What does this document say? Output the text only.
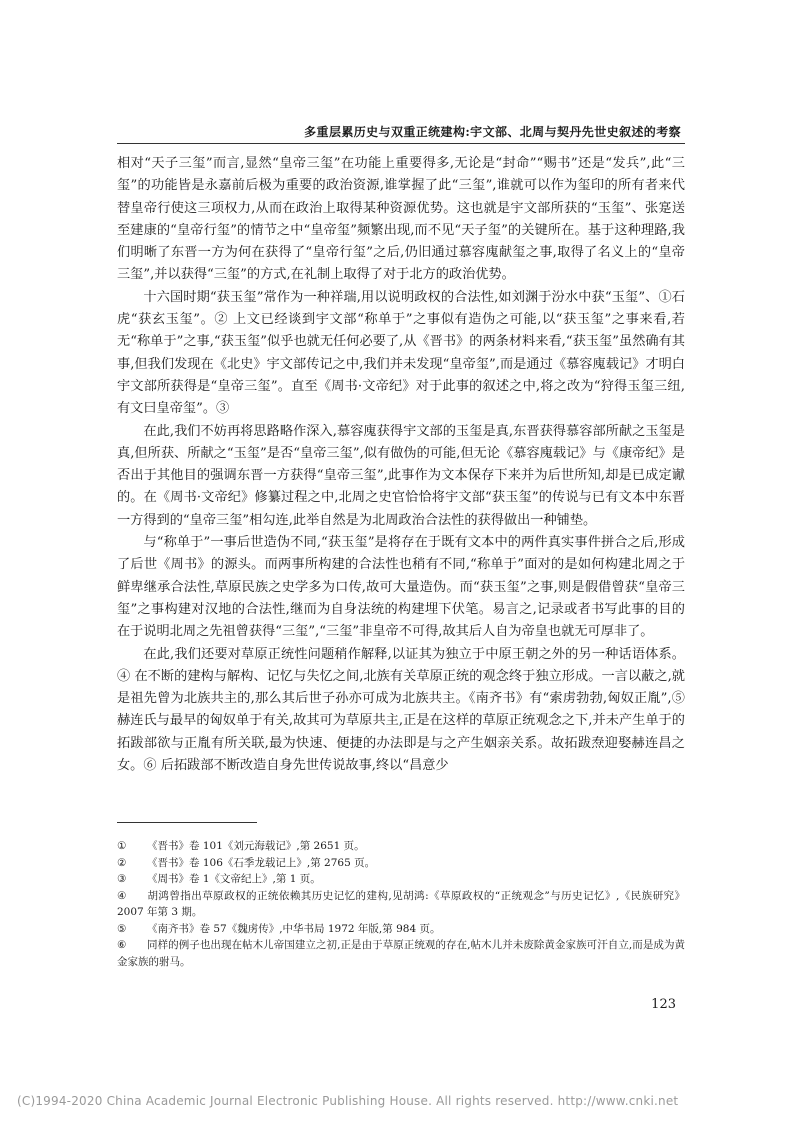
多重层累历史与双重正统建构:宇文部、北周与契丹先世史叙述的考察

相对“天子三玺”而言,显然“皇帝三玺”在功能上重要得多,无论是“封命”“赐书”还是“发兵”,此“三玺”的功能皆是永嘉前后极为重要的政治资源,谁掌握了此“三玺”,谁就可以作为玺印的所有者来代替皇帝行使这三项权力,从而在政治上取得某种资源优势。这也就是宇文部所获的“玉玺”、张寔送至建康的“皇帝行玺”的情节之中“皇帝玺”频繁出现,而不见“天子玺”的关键所在。基于这种理路,我们明晰了东晋一方为何在获得了“皇帝行玺”之后,仍旧通过慕容廆献玺之事,取得了名义上的“皇帝三玺”,并以获得“三玺”的方式,在礼制上取得了对于北方的政治优势。

十六国时期“获玉玺”常作为一种祥瑞,用以说明政权的合法性,如刘渊于汾水中获“玉玺”、①石虎“获玄玉玺”。② 上文已经谈到宇文部“称单于”之事似有造伪之可能,以“获玉玺”之事来看,若无“称单于”之事,“获玉玺”似乎也就无任何必要了,从《晋书》的两条材料来看,“获玉玺”虽然确有其事,但我们发现在《北史》宇文部传记之中,我们并未发现“皇帝玺”,而是通过《慕容廆载记》才明白宇文部所获得是“皇帝三玺”。直至《周书·文帝纪》对于此事的叙述之中,将之改为“狩得玉玺三纽,有文曰皇帝玺”。③

在此,我们不妨再将思路略作深入,慕容廆获得宇文部的玉玺是真,东晋获得慕容部所献之玉玺是真,但所获、所献之“玉玺”是否“皇帝三玺”,似有做伪的可能,但无论《慕容廆载记》与《康帝纪》是否出于其他目的强调东晋一方获得“皇帝三玺”,此事作为文本保存下来并为后世所知,却是已成定谳的。在《周书·文帝纪》修纂过程之中,北周之史官恰恰将宇文部“获玉玺”的传说与已有文本中东晋一方得到的“皇帝三玺”相勾连,此举自然是为北周政治合法性的获得做出一种铺垫。

与“称单于”一事后世造伪不同,“获玉玺”是将存在于既有文本中的两件真实事件拼合之后,形成了后世《周书》的源头。而两事所构建的合法性也稍有不同,“称单于”面对的是如何构建北周之于鲜卑继承合法性,草原民族之史学多为口传,故可大量造伪。而“获玉玺”之事,则是假借曾获“皇帝三玺”之事构建对汉地的合法性,继而为自身法统的构建埋下伏笔。易言之,记录或者书写此事的目的在于说明北周之先祖曾获得“三玺”,“三玺”非皇帝不可得,故其后人自为帝皇也就无可厚非了。

在此,我们还要对草原正统性问题稍作解释,以证其为独立于中原王朝之外的另一种话语体系。④ 在不断的建构与解构、记忆与失忆之间,北族有关草原正统的观念终于独立形成。一言以蔽之,就是祖先曾为北族共主的,那么其后世子孙亦可成为北族共主。《南齐书》有“索虏勃勃,匈奴正胤”,⑤赫连氏与最早的匈奴单于有关,故其可为草原共主,正是在这样的草原正统观念之下,并未产生单于的拓跋部欲与正胤有所关联,最为快速、便捷的办法即是与之产生姻亲关系。故拓跋焘迎娶赫连昌之女。⑥ 后拓跋部不断改造自身先世传说故事,终以“昌意少

① 《晋书》卷 101《刘元海载记》,第 2651 页。

② 《晋书》卷 106《石季龙载记上》,第 2765 页。

③ 《周书》卷 1《文帝纪上》,第 1 页。

④ 胡鸿曾指出草原政权的正统依赖其历史记忆的建构,见胡鸿:《草原政权的“正统观念”与历史记忆》,《民族研究》2007 年第 3 期。

⑤ 《南齐书》卷 57《魏虏传》,中华书局 1972 年版,第 984 页。

⑥ 同样的例子也出现在帖木儿帝国建立之初,正是由于草原正统观的存在,帖木儿并未废除黄金家族可汗自立,而是成为黄金家族的驸马。

123
(C)1994-2020 China Academic Journal Electronic Publishing House. All rights reserved. http://www.cnki.net
